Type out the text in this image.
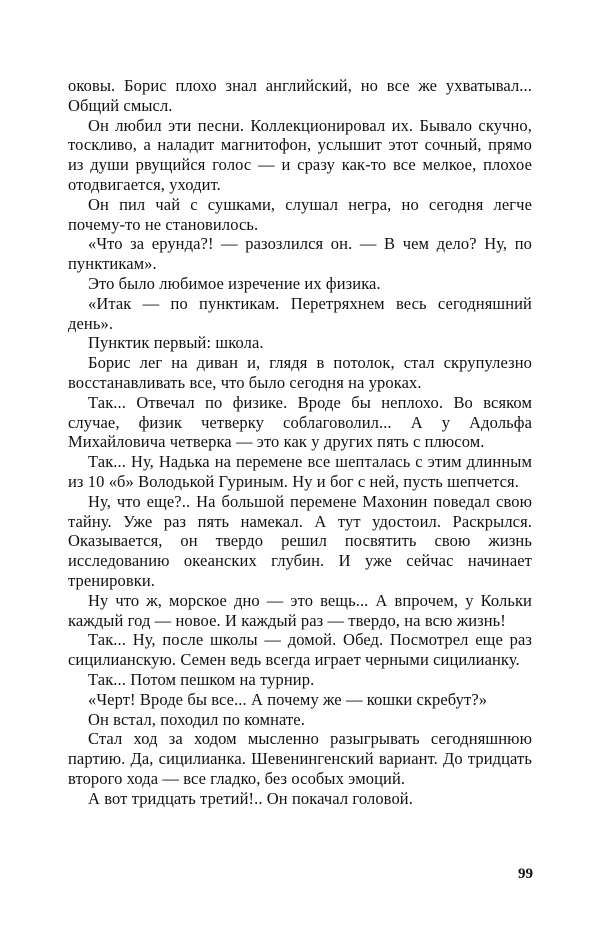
оковы. Борис плохо знал английский, но все же ухватывал... Общий смысл.

Он любил эти песни. Коллекционировал их. Бывало скучно, тоскливо, а наладит магнитофон, услышит этот сочный, прямо из души рвущийся голос — и сразу как-то все мелкое, плохое отодвигается, уходит.

Он пил чай с сушками, слушал негра, но сегодня легче почему-то не становилось.

«Что за ерунда?! — разозлился он. — В чем дело? Ну, по пунктикам».

Это было любимое изречение их физика.

«Итак — по пунктикам. Перетряхнем весь сегодняшний день».

Пунктик первый: школа.

Борис лег на диван и, глядя в потолок, стал скрупулезно восстанавливать все, что было сегодня на уроках.

Так... Отвечал по физике. Вроде бы неплохо. Во всяком случае, физик четверку соблаговолил... А у Адольфа Михайловича четверка — это как у других пять с плюсом.

Так... Ну, Надька на перемене все шепталась с этим длинным из 10 «б» Володькой Гуриным. Ну и бог с ней, пусть шепчется.

Ну, что еще?.. На большой перемене Махонин поведал свою тайну. Уже раз пять намекал. А тут удостоил. Раскрылся. Оказывается, он твердо решил посвятить свою жизнь исследованию океанских глубин. И уже сейчас начинает тренировки.

Ну что ж, морское дно — это вещь... А впрочем, у Кольки каждый год — новое. И каждый раз — твердо, на всю жизнь!

Так... Ну, после школы — домой. Обед. Посмотрел еще раз сицилианскую. Семен ведь всегда играет черными сицилианку.

Так... Потом пешком на турнир.

«Черт! Вроде бы все... А почему же — кошки скребут?»

Он встал, походил по комнате.

Стал ход за ходом мысленно разыгрывать сегодняшнюю партию. Да, сицилианка. Шевенингенский вариант. До тридцать второго хода — все гладко, без особых эмоций.

А вот тридцать третий!.. Он покачал головой.

99
